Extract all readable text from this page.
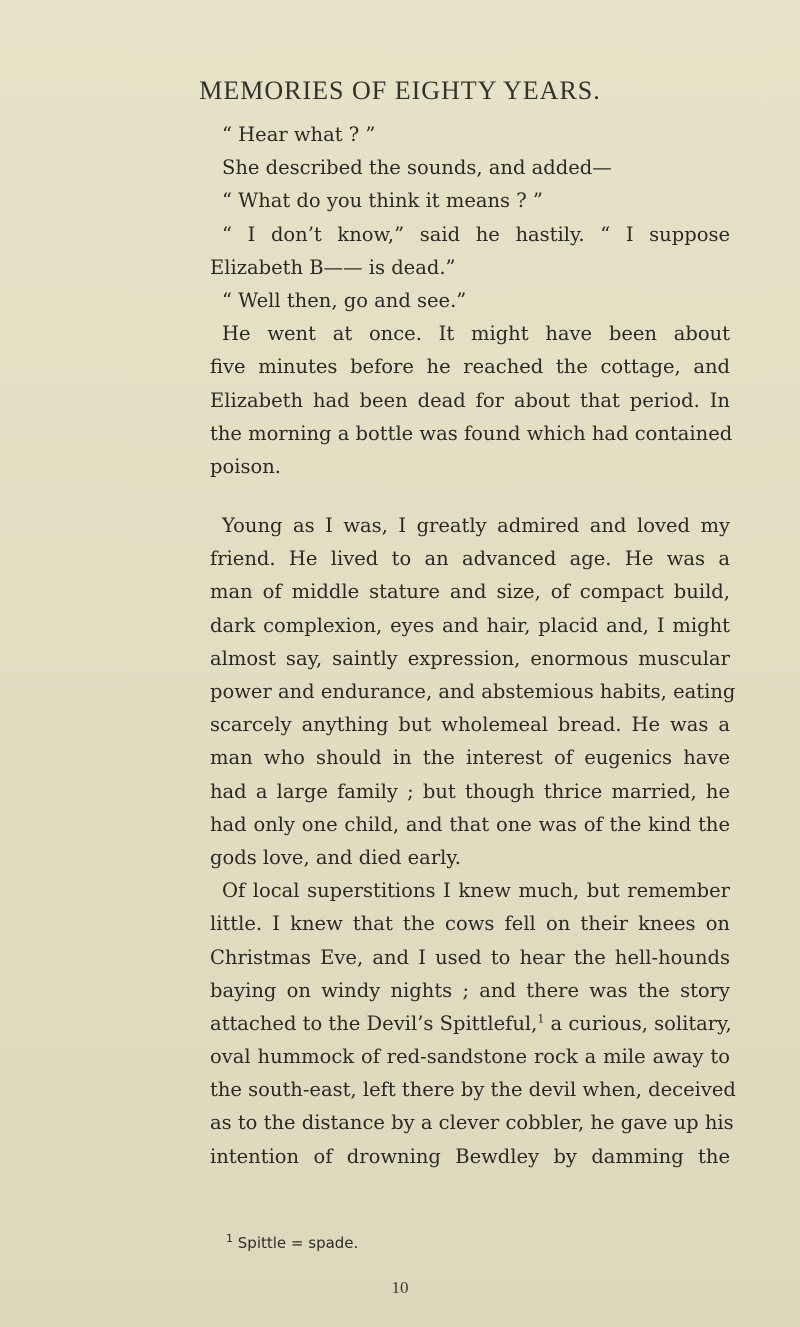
MEMORIES OF EIGHTY YEARS.
“ Hear what ? ”
She described the sounds, and added—
“ What do you think it means ? ”
“ I don’t know,” said he hastily. “ I suppose
Elizabeth B—— is dead.”
“ Well then, go and see.”
He went at once. It might have been about
five minutes before he reached the cottage, and
Elizabeth had been dead for about that period. In
the morning a bottle was found which had contained
poison.
Young as I was, I greatly admired and loved my
friend. He lived to an advanced age. He was a
man of middle stature and size, of compact build,
dark complexion, eyes and hair, placid and, I might
almost say, saintly expression, enormous muscular
power and endurance, and abstemious habits, eating
scarcely anything but wholemeal bread. He was a
man who should in the interest of eugenics have
had a large family ; but though thrice married, he
had only one child, and that one was of the kind the
gods love, and died early.
Of local superstitions I knew much, but remember
little. I knew that the cows fell on their knees on
Christmas Eve, and I used to hear the hell-hounds
baying on windy nights ; and there was the story
attached to the Devil’s Spittleful,$^1$ a curious, solitary,
oval hummock of red-sandstone rock a mile away to
the south-east, left there by the devil when, deceived
as to the distance by a clever cobbler, he gave up his
intention of drowning Bewdley by damming the
$^1$ Spittle = spade.
10
